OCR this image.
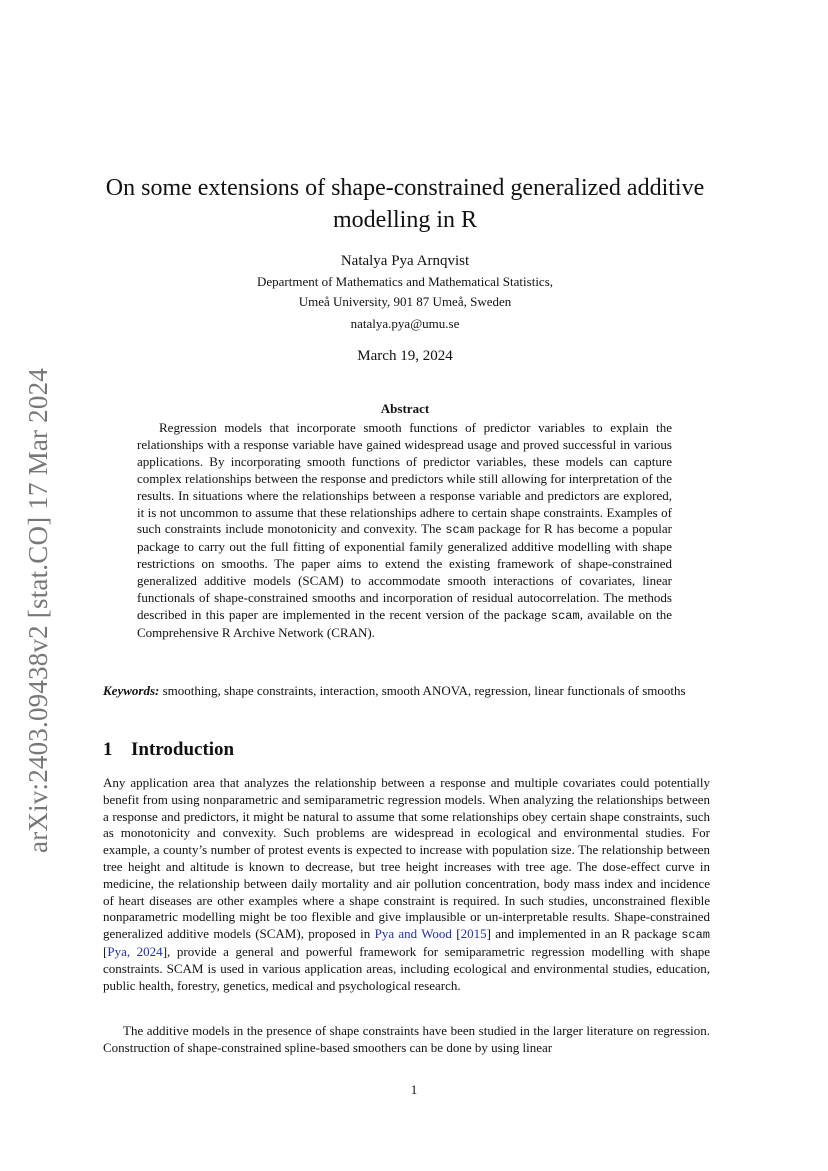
arXiv:2403.09438v2 [stat.CO] 17 Mar 2024
On some extensions of shape-constrained generalized additive
modelling in R
Natalya Pya Arnqvist
Department of Mathematics and Mathematical Statistics,
Umeå University, 901 87 Umeå, Sweden
natalya.pya@umu.se
March 19, 2024
Abstract

Regression models that incorporate smooth functions of predictor variables to explain the relationships with a response variable have gained widespread usage and proved successful in various applications. By incorporating smooth functions of predictor variables, these models can capture complex relationships between the response and predictors while still allowing for interpretation of the results. In situations where the relationships between a response variable and predictors are explored, it is not uncommon to assume that these relationships adhere to certain shape constraints. Examples of such constraints include monotonicity and convexity. The scam package for R has become a popular package to carry out the full fitting of exponential family generalized additive modelling with shape restrictions on smooths. The paper aims to extend the existing framework of shape-constrained generalized additive models (SCAM) to accommodate smooth interactions of covariates, linear functionals of shape-constrained smooths and incorporation of residual autocorrelation. The methods described in this paper are implemented in the recent version of the package scam, available on the Comprehensive R Archive Network (CRAN).

Keywords: smoothing, shape constraints, interaction, smooth ANOVA, regression, linear functionals of smooths

1 Introduction

Any application area that analyzes the relationship between a response and multiple covariates could potentially benefit from using nonparametric and semiparametric regression models. When analyzing the relationships between a response and predictors, it might be natural to assume that some relationships obey certain shape constraints, such as monotonicity and convexity. Such problems are widespread in ecological and environmental studies. For example, a county’s number of protest events is expected to increase with population size. The relationship between tree height and altitude is known to decrease, but tree height increases with tree age. The dose-effect curve in medicine, the relationship between daily mortality and air pollution concentration, body mass index and incidence of heart diseases are other examples where a shape constraint is required. In such studies, unconstrained flexible nonparametric modelling might be too flexible and give implausible or un-interpretable results. Shape-constrained generalized additive models (SCAM), proposed in Pya and Wood [2015] and implemented in an R package scam [Pya, 2024], provide a general and powerful framework for semiparametric regression modelling with shape constraints. SCAM is used in various application areas, including ecological and environmental studies, education, public health, forestry, genetics, medical and psychological research.

The additive models in the presence of shape constraints have been studied in the larger literature on regression. Construction of shape-constrained spline-based smoothers can be done by using linear

1
